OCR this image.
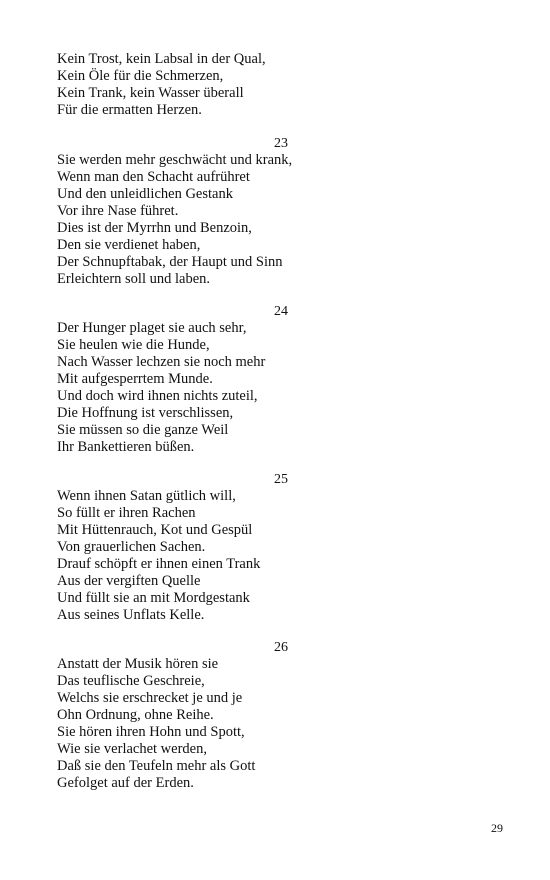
Kein Trost, kein Labsal in der Qual,
Kein Öle für die Schmerzen,
Kein Trank, kein Wasser überall
Für die ermatten Herzen.
23
Sie werden mehr geschwächt und krank,
Wenn man den Schacht aufrühret
Und den unleidlichen Gestank
Vor ihre Nase führet.
Dies ist der Myrrhn und Benzoin,
Den sie verdienet haben,
Der Schnupftabak, der Haupt und Sinn
Erleichtern soll und laben.
24
Der Hunger plaget sie auch sehr,
Sie heulen wie die Hunde,
Nach Wasser lechzen sie noch mehr
Mit aufgesperrtem Munde.
Und doch wird ihnen nichts zuteil,
Die Hoffnung ist verschlissen,
Sie müssen so die ganze Weil
Ihr Bankettieren büßen.
25
Wenn ihnen Satan gütlich will,
So füllt er ihren Rachen
Mit Hüttenrauch, Kot und Gespül
Von grauerlichen Sachen.
Drauf schöpft er ihnen einen Trank
Aus der vergiften Quelle
Und füllt sie an mit Mordgestank
Aus seines Unflats Kelle.
26
Anstatt der Musik hören sie
Das teuflische Geschreie,
Welchs sie erschrecket je und je
Ohn Ordnung, ohne Reihe.
Sie hören ihren Hohn und Spott,
Wie sie verlachet werden,
Daß sie den Teufeln mehr als Gott
Gefolget auf der Erden.
29
